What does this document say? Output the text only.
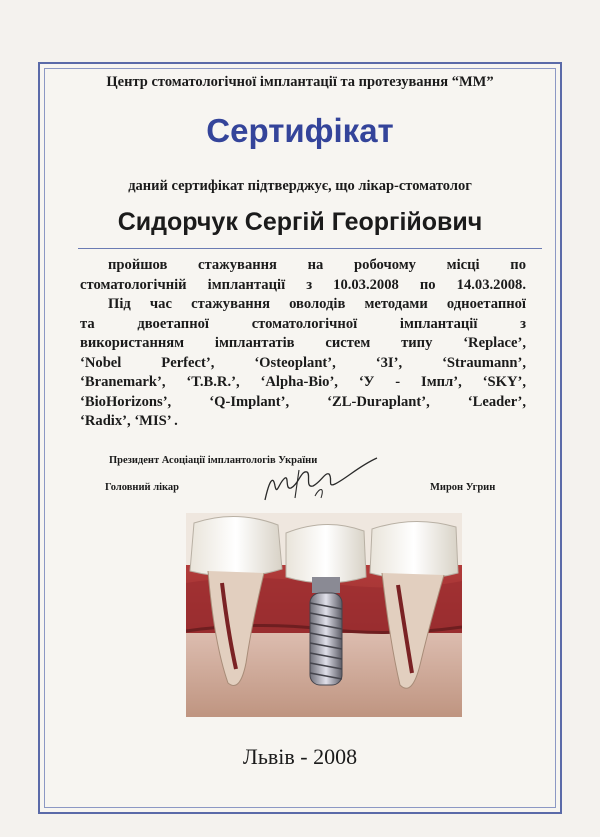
Центр стоматологічної імплантації та протезування “ММ”
Сертифікат
даний сертифікат підтверджує, що лікар-стоматолог
Сидорчук Сергій Георгійович
пройшов стажування на робочому місці по
стоматологічній імплантації з 10.03.2008 по 14.03.2008.
Під час стажування оволодів методами одноетапної
та двоетапної стоматологічної імплантації з
використанням імплантатів систем типу ‘Replace’,
‘Nobel Perfect’, ‘Osteoplant’, ‘3I’, ‘Straumann’,
‘Branemark’, ‘T.B.R.’, ‘Alpha-Bio’, ‘У - Імпл’, ‘SKY’,
‘BioHorizons’, ‘Q-Implant’, ‘ZL-Duraplant’, ‘Leader’,
‘Radix’, ‘MIS’ .
Президент Асоціації імплантологів України
Головний лікар	Мирон Угрин
Львів - 2008
